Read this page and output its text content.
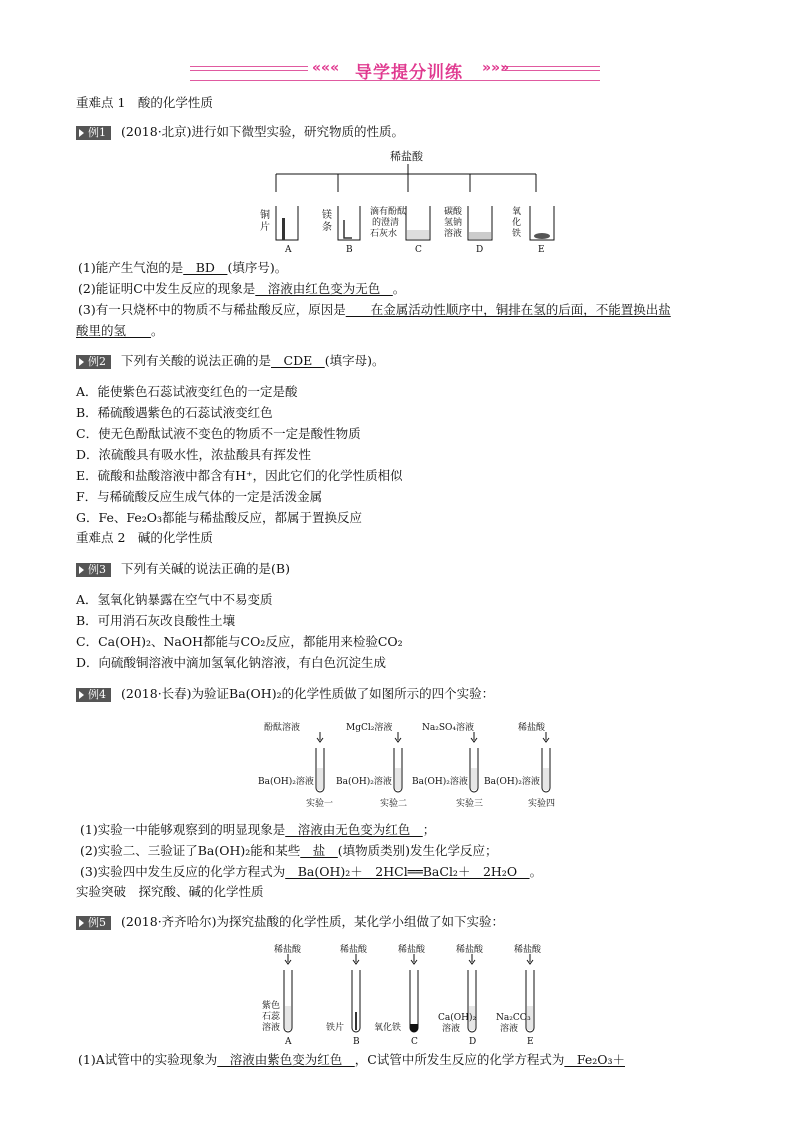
««« 导学提分训练	»»»
重难点 1　酸的化学性质
例1 (2018·北京)进行如下微型实验，研究物质的性质。
稀盐酸
铜
片
A
镁
条
B
滴有酚酞
的澄清
石灰水
C
碳酸
氢钠
溶液
D
氧
化
铁
E
(1)能产生气泡的是　BD　(填序号)。
(2)能证明C中发生反应的现象是　溶液由红色变为无色　。
(3)有一只烧杯中的物质不与稀盐酸反应，原因是　　在金属活动性顺序中，铜排在氢的后面，不能置换出盐
酸里的氢　　。
例2 下列有关酸的说法正确的是　CDE　(填字母)。
A．能使紫色石蕊试液变红色的一定是酸
B．稀硫酸遇紫色的石蕊试液变红色
C．使无色酚酞试液不变色的物质不一定是酸性物质
D．浓硫酸具有吸水性，浓盐酸具有挥发性
E．硫酸和盐酸溶液中都含有H⁺，因此它们的化学性质相似
F．与稀硫酸反应生成气体的一定是活泼金属
G．Fe、Fe₂O₃都能与稀盐酸反应，都属于置换反应
重难点 2　碱的化学性质
例3 下列有关碱的说法正确的是(B)
A．氢氧化钠暴露在空气中不易变质
B．可用消石灰改良酸性土壤
C．Ca(OH)₂、NaOH都能与CO₂反应，都能用来检验CO₂
D．向硫酸铜溶液中滴加氢氧化钠溶液，有白色沉淀生成
例4 (2018·长春)为验证Ba(OH)₂的化学性质做了如图所示的四个实验：
酚酞溶液
Ba(OH)₂溶液
实验一
MgCl₂溶液
Ba(OH)₂溶液
实验二
Na₂SO₄溶液
Ba(OH)₂溶液
实验三
稀盐酸
Ba(OH)₂溶液
实验四
(1)实验一中能够观察到的明显现象是　溶液由无色变为红色　；
(2)实验二、三验证了Ba(OH)₂能和某些　盐　(填物质类别)发生化学反应；
(3)实验四中发生反应的化学方程式为　Ba(OH)₂＋　2HCl══BaCl₂＋　2H₂O　。
实验突破　探究酸、碱的化学性质
例5 (2018·齐齐哈尔)为探究盐酸的化学性质，某化学小组做了如下实验：
稀盐酸
紫色
石蕊
溶液
A
稀盐酸
铁片
B
稀盐酸
氧化铁
C
稀盐酸
Ca(OH)₂
溶液
D
稀盐酸
Na₂CO₃
溶液
E
(1)A试管中的实验现象为　溶液由紫色变为红色　，C试管中所发生反应的化学方程式为　Fe₂O₃＋
